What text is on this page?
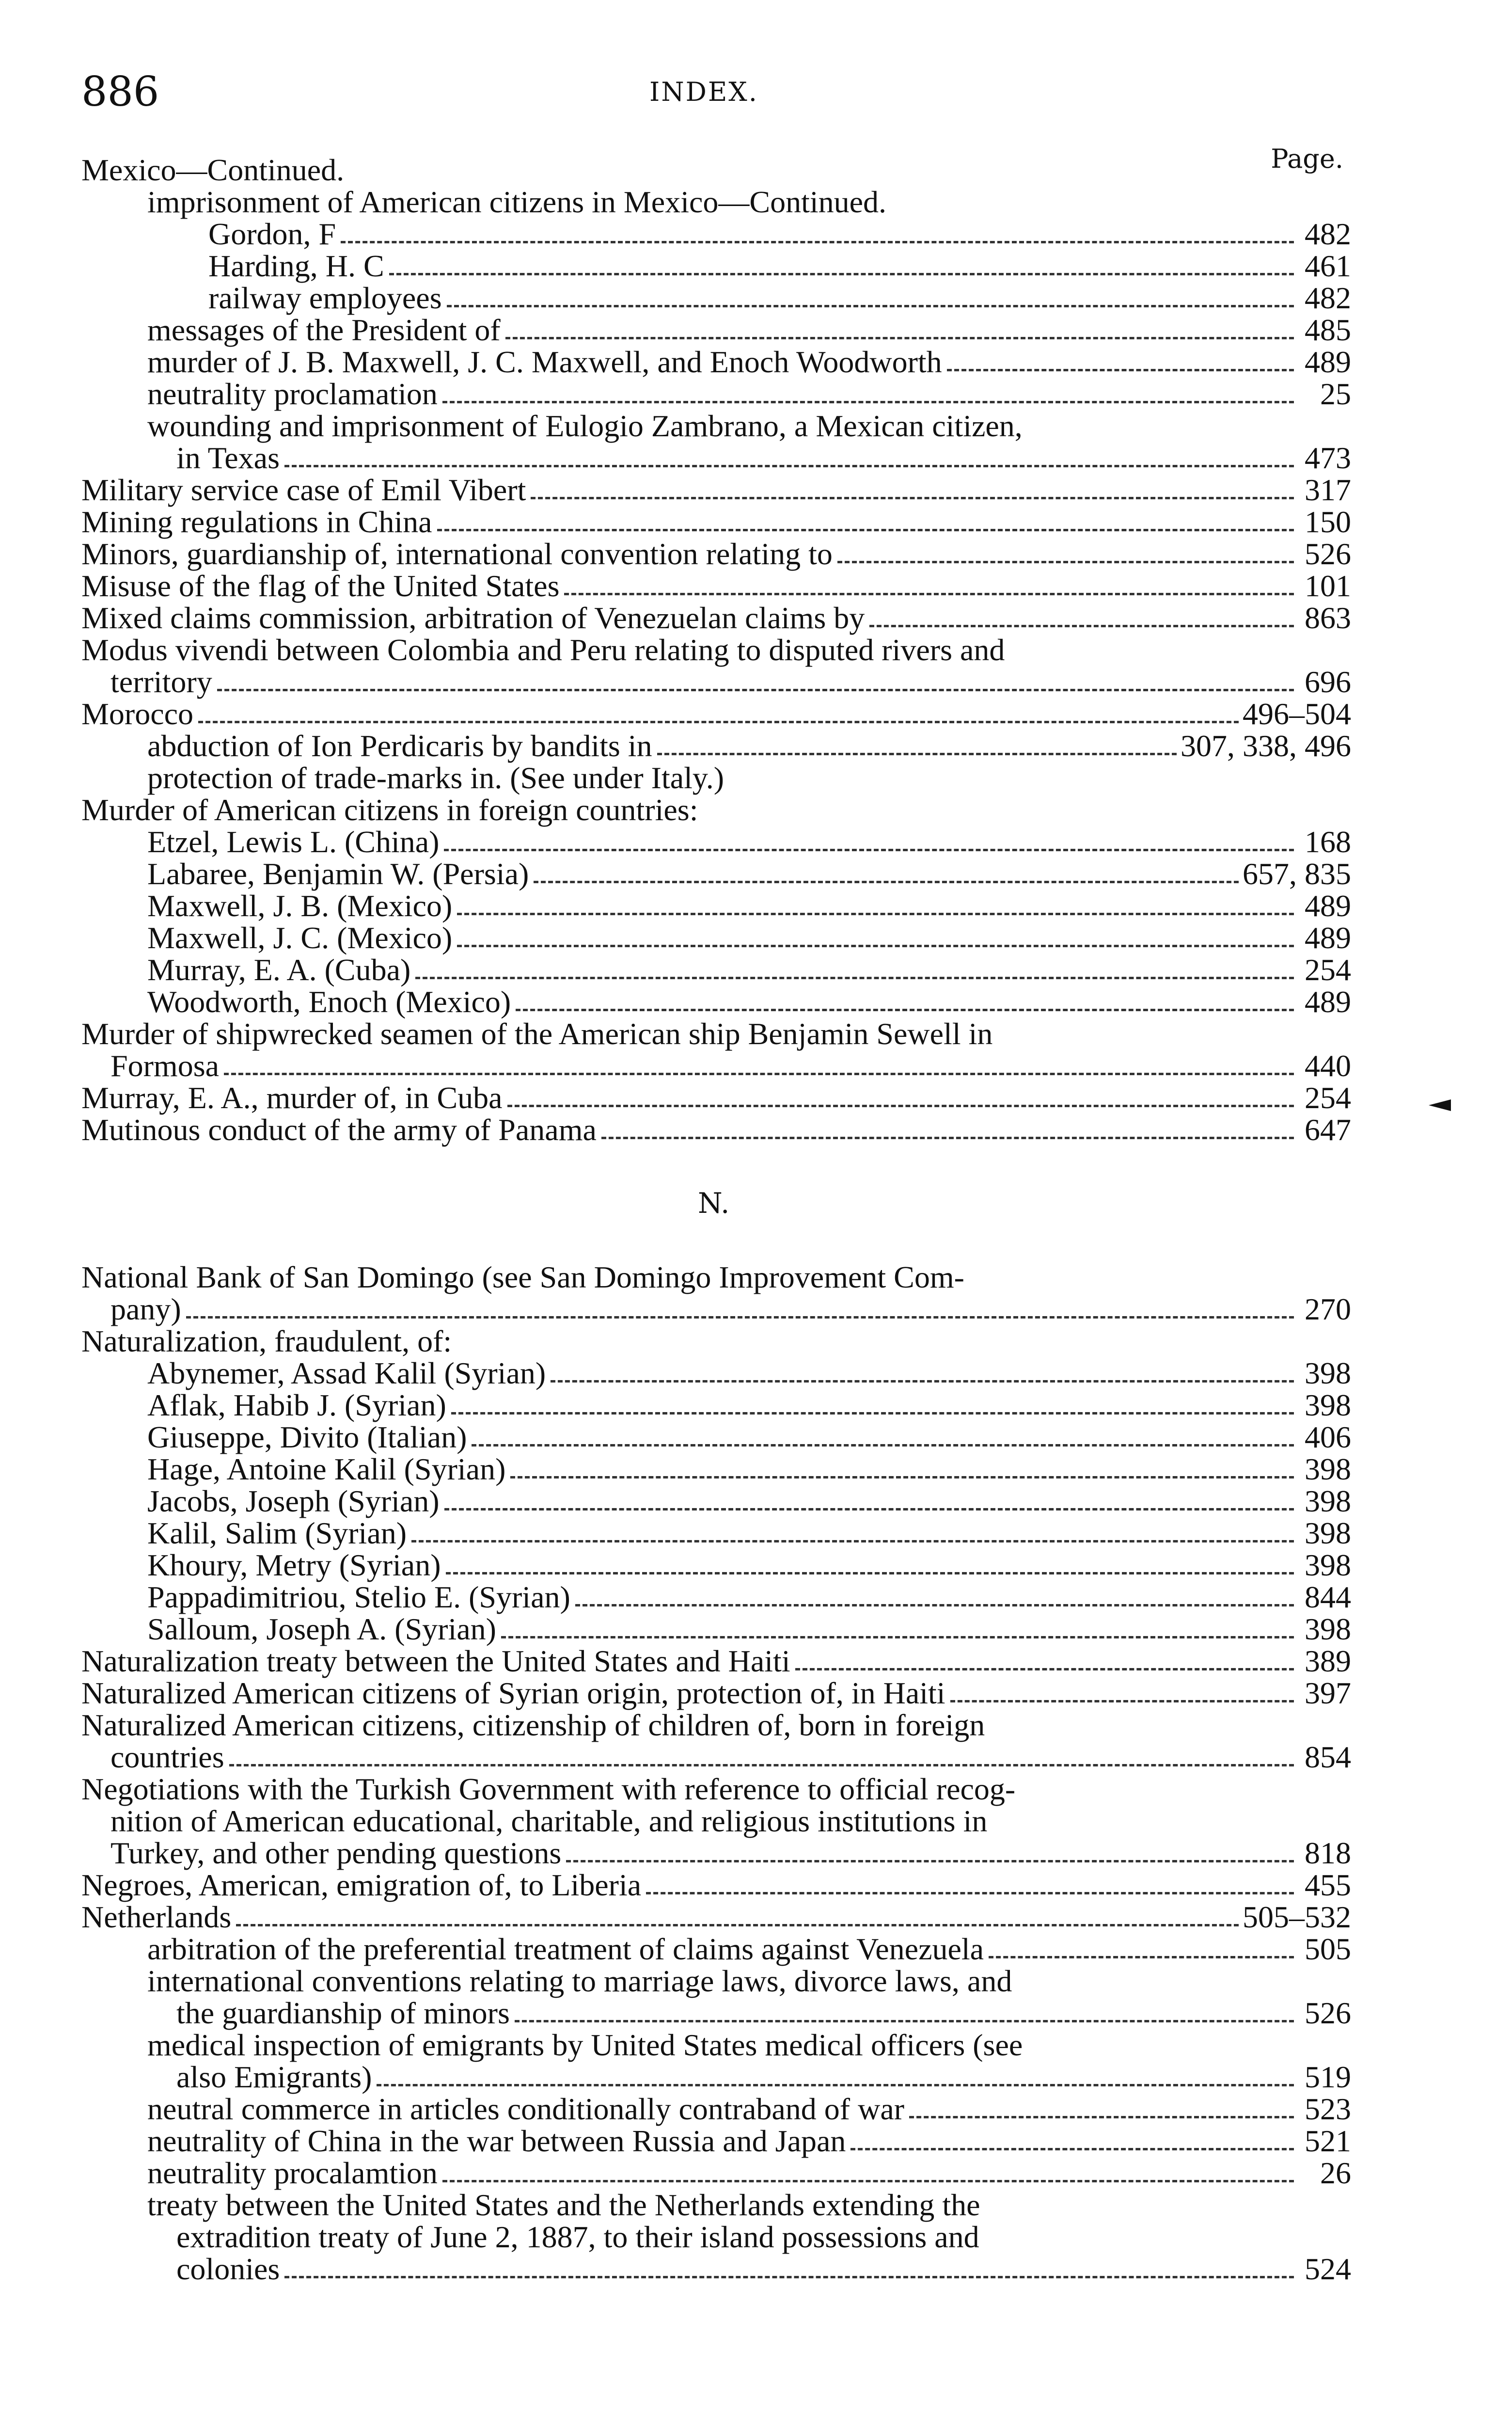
886	INDEX.
Page.
Mexico—Continued.
imprisonment of American citizens in Mexico—Continued.
Gordon, F	482
Harding, H. C	461
railway employees	482
messages of the President of	485
murder of J. B. Maxwell, J. C. Maxwell, and Enoch Woodworth	489
neutrality proclamation	25
wounding and imprisonment of Eulogio Zambrano, a Mexican citizen,
in Texas	473
Military service case of Emil Vibert	317
Mining regulations in China	150
Minors, guardianship of, international convention relating to	526
Misuse of the flag of the United States	101
Mixed claims commission, arbitration of Venezuelan claims by	863
Modus vivendi between Colombia and Peru relating to disputed rivers and
territory	696
Morocco	496–504
abduction of Ion Perdicaris by bandits in	307, 338, 496
protection of trade-marks in. (See under Italy.)
Murder of American citizens in foreign countries:
Etzel, Lewis L. (China)	168
Labaree, Benjamin W. (Persia)	657, 835
Maxwell, J. B. (Mexico)	489
Maxwell, J. C. (Mexico)	489
Murray, E. A. (Cuba)	254
Woodworth, Enoch (Mexico)	489
Murder of shipwrecked seamen of the American ship Benjamin Sewell in
Formosa	440
Murray, E. A., murder of, in Cuba	254
Mutinous conduct of the army of Panama	647
N.
National Bank of San Domingo (see San Domingo Improvement Com-
pany)	270
Naturalization, fraudulent, of:
Abynemer, Assad Kalil (Syrian)	398
Aflak, Habib J. (Syrian)	398
Giuseppe, Divito (Italian)	406
Hage, Antoine Kalil (Syrian)	398
Jacobs, Joseph (Syrian)	398
Kalil, Salim (Syrian)	398
Khoury, Metry (Syrian)	398
Pappadimitriou, Stelio E. (Syrian)	844
Salloum, Joseph A. (Syrian)	398
Naturalization treaty between the United States and Haiti	389
Naturalized American citizens of Syrian origin, protection of, in Haiti	397
Naturalized American citizens, citizenship of children of, born in foreign
countries	854
Negotiations with the Turkish Government with reference to official recog-
nition of American educational, charitable, and religious institutions in
Turkey, and other pending questions	818
Negroes, American, emigration of, to Liberia	455
Netherlands	505–532
arbitration of the preferential treatment of claims against Venezuela	505
international conventions relating to marriage laws, divorce laws, and
the guardianship of minors	526
medical inspection of emigrants by United States medical officers (see
also Emigrants)	519
neutral commerce in articles conditionally contraband of war	523
neutrality of China in the war between Russia and Japan	521
neutrality procalamtion	26
treaty between the United States and the Netherlands extending the
extradition treaty of June 2, 1887, to their island possessions and
colonies	524
